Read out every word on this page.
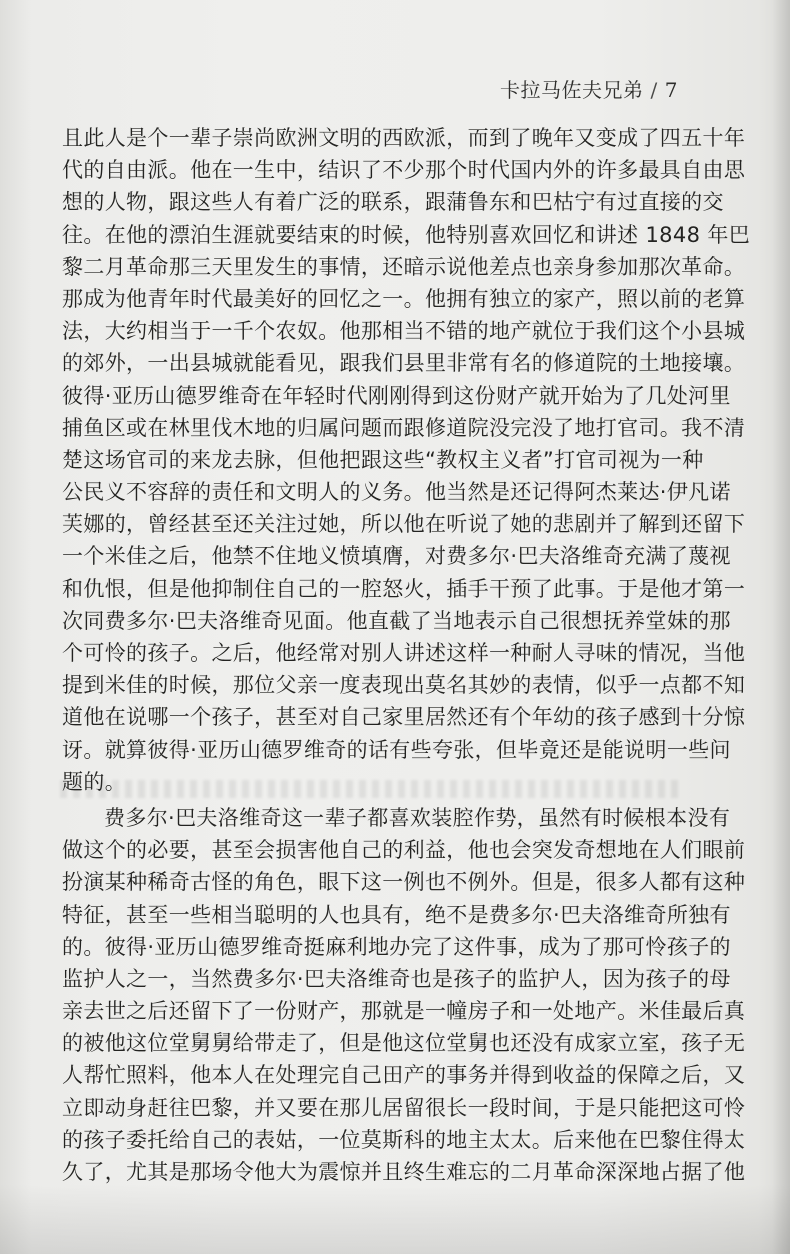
卡拉马佐夫兄弟 / 7
且此人是个一辈子崇尚欧洲文明的西欧派，而到了晚年又变成了四五十年
代的自由派。他在一生中，结识了不少那个时代国内外的许多最具自由思
想的人物，跟这些人有着广泛的联系，跟蒲鲁东和巴枯宁有过直接的交
往。在他的漂泊生涯就要结束的时候，他特别喜欢回忆和讲述 1848 年巴
黎二月革命那三天里发生的事情，还暗示说他差点也亲身参加那次革命。
那成为他青年时代最美好的回忆之一。他拥有独立的家产，照以前的老算
法，大约相当于一千个农奴。他那相当不错的地产就位于我们这个小县城
的郊外，一出县城就能看见，跟我们县里非常有名的修道院的土地接壤。
彼得·亚历山德罗维奇在年轻时代刚刚得到这份财产就开始为了几处河里
捕鱼区或在林里伐木地的归属问题而跟修道院没完没了地打官司。我不清
楚这场官司的来龙去脉，但他把跟这些“教权主义者”打官司视为一种
公民义不容辞的责任和文明人的义务。他当然是还记得阿杰莱达·伊凡诺
芙娜的，曾经甚至还关注过她，所以他在听说了她的悲剧并了解到还留下
一个米佳之后，他禁不住地义愤填膺，对费多尔·巴夫洛维奇充满了蔑视
和仇恨，但是他抑制住自己的一腔怒火，插手干预了此事。于是他才第一
次同费多尔·巴夫洛维奇见面。他直截了当地表示自己很想抚养堂妹的那
个可怜的孩子。之后，他经常对别人讲述这样一种耐人寻味的情况，当他
提到米佳的时候，那位父亲一度表现出莫名其妙的表情，似乎一点都不知
道他在说哪一个孩子，甚至对自己家里居然还有个年幼的孩子感到十分惊
讶。就算彼得·亚历山德罗维奇的话有些夸张，但毕竟还是能说明一些问
题的。
费多尔·巴夫洛维奇这一辈子都喜欢装腔作势，虽然有时候根本没有
做这个的必要，甚至会损害他自己的利益，他也会突发奇想地在人们眼前
扮演某种稀奇古怪的角色，眼下这一例也不例外。但是，很多人都有这种
特征，甚至一些相当聪明的人也具有，绝不是费多尔·巴夫洛维奇所独有
的。彼得·亚历山德罗维奇挺麻利地办完了这件事，成为了那可怜孩子的
监护人之一，当然费多尔·巴夫洛维奇也是孩子的监护人，因为孩子的母
亲去世之后还留下了一份财产，那就是一幢房子和一处地产。米佳最后真
的被他这位堂舅舅给带走了，但是他这位堂舅也还没有成家立室，孩子无
人帮忙照料，他本人在处理完自己田产的事务并得到收益的保障之后，又
立即动身赶往巴黎，并又要在那儿居留很长一段时间，于是只能把这可怜
的孩子委托给自己的表姑，一位莫斯科的地主太太。后来他在巴黎住得太
久了，尤其是那场令他大为震惊并且终生难忘的二月革命深深地占据了他
